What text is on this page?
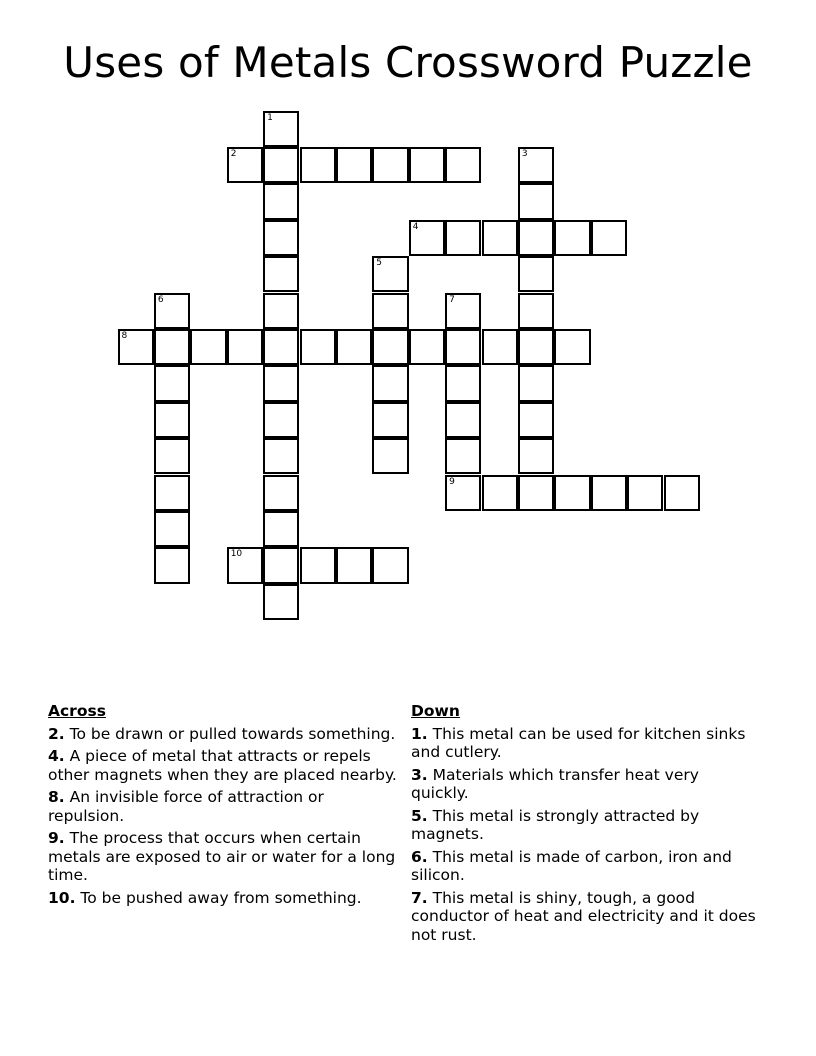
Uses of Metals Crossword Puzzle
1
2	3
4
5
6	7
9
8
10
Across
2. To be drawn or pulled towards something.
4. A piece of metal that attracts or repels other magnets when they are placed nearby.
8. An invisible force of attraction or repulsion.
9. The process that occurs when certain metals are exposed to air or water for a long time.
10. To be pushed away from something.
Down
1. This metal can be used for kitchen sinks and cutlery.
3. Materials which transfer heat very quickly.
5. This metal is strongly attracted by magnets.
6. This metal is made of carbon, iron and silicon.
7. This metal is shiny, tough, a good conductor of heat and electricity and it does not rust.
